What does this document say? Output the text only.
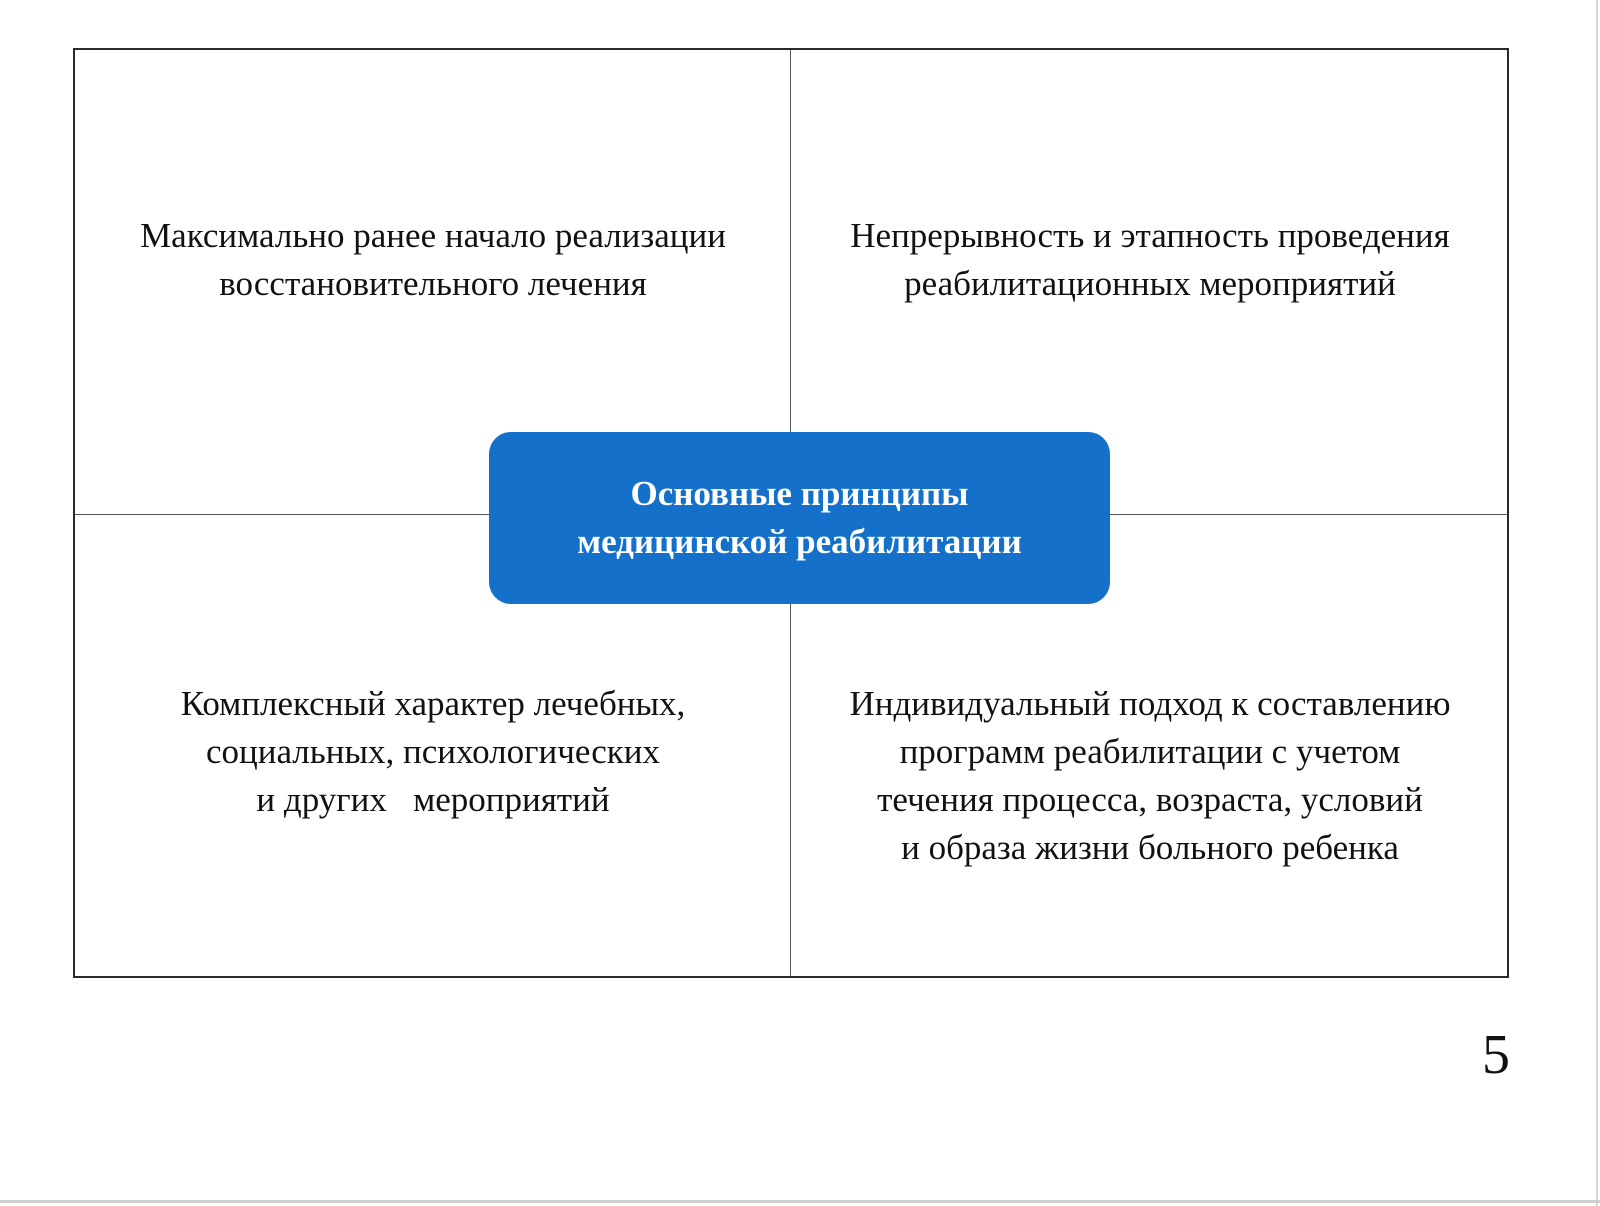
Максимально ранее начало реализации
восстановительного лечения
Непрерывность и этапность проведения
реабилитационных мероприятий
Комплексный характер лечебных,
социальных, психологических
и других   мероприятий
Индивидуальный подход к составлению
программ реабилитации с учетом
течения процесса, возраста, условий
и образа жизни больного ребенка
Основные принципы
медицинской реабилитации
5
